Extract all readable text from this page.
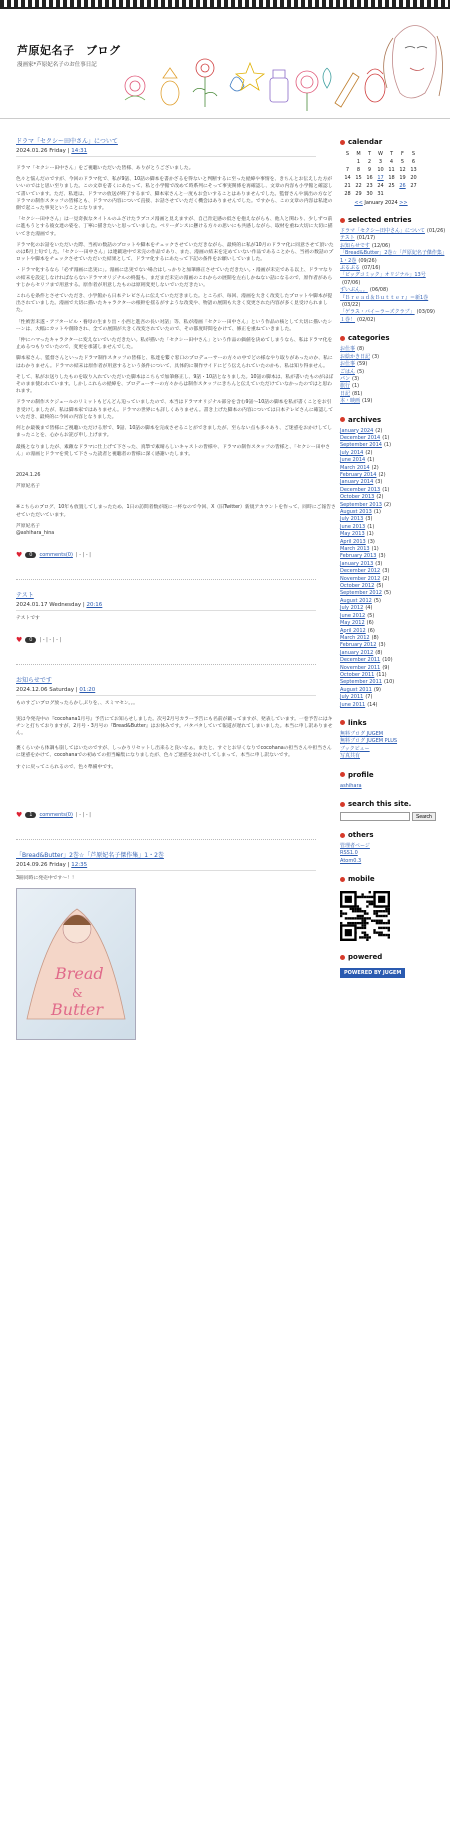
芦原妃名子　ブログ
漫画家*芦原妃名子のお仕事日記
ドラマ「セクシー田中さん」について
2024.01.26 Friday | 14:31

ドラマ「セクシー田中さん」をご視聴いただいた皆様、ありがとうございました。

色々と悩んだのですが、今回のドラマ化で、私が9話、10話の脚本を書かざるを得ないと判断するに至った経緯や事情を、きちんとお伝えした方がいいのではと思い至りました。この文章を書くにあたって、私と小学館で改めて時系列にそって事実関係を再確認し、文章の内容も小学館と確認して書いています。ただ、私達は、ドラマの放送が終了するまで、脚本家さんと一度もお会いすることはありませんでした。監督さんや演出の方などドラマの制作スタッフの皆様とも、ドラマの内容について直接、お話させていただく機会はありませんでした。ですから、この文章の内容は私達の側で起こった事実ということになります。

「セクシー田中さん」は一見奇抜なタイトルのふざけたラブコメ漫画と見えますが、自己肯定感の低さを抱えながらも、他人と関わり、少しずつ前に進もうとする彼女達の姿を、丁寧に描きたいと思っていました。ベリーダンスに懸ける方々の思いにも共感しながら、取材を重ね大切に大切に描いてきた漫画です。

ドラマ化のお話をいただいた際、当初の数話のプロットや脚本をチェックさせていただきながら、最終的に私が10月のドラマ化に同意させて頂いたのは6月上旬でした。「セクシー田中さん」は連載途中で未完の作品であり、また、漫画の結末を定めていない作品であることから、当初の数話のプロットや脚本をチェックさせていただいた結果として、ドラマ化するにあたって下記の条件をお願いしていました。

・ドラマ化するなら「必ず漫画に忠実に」。漫画に忠実でない場合はしっかりと加筆修正させていただきたい。・漫画が未完である以上、ドラマなりの結末を設定しなければならないドラマオリジナルの終盤も、まだまだ未完の漫画のこれからの展開を左右しかねない話になるので、原作者があらすじからセリフまで用意する。原作者が用意したものは原則変更しないでいただきたい。

これらを条件とさせていただき、小学館から日本テレビさんに伝えていただきました。ところが、毎回、漫画を大きく改変したプロットや脚本が提出されていました。漫画で大切に描いたキャラクターの根幹を揺るがすような改変や、物語の展開も大きく変更された内容が多く見受けられました。

「性被害未遂・アフターピル・養母の生まり出・小西と進吾の長い対話」等、私が漫画「セクシー田中さん」という作品の核として大切に描いたシーンは、大幅にカットや削除され、全ての展開が大きく改変されていたので、その都度時間をかけて、修正を重ねていきました。

「仲にハマったキャラクターに変えないでいただきたい。私が描いた「セクシー田中さん」という作品の価値を決めてしまうなら、私はドラマ化を止めるつもりでいたので、変更を承諾しませんでした。

脚本家さん、監督さんといったドラマ制作スタッフの皆様と、私達を繋ぐ窓口のプロデューサーの方々の中でどの様なやり取りがあったのか、私にはわかりません。ドラマの結末は原作者が用意するという条件について、具体的に制作サイドにどう伝えられていたのかも、私は知り得ません。

そして、私がお送りしたものを取り入れていただいた脚本はこちらで加筆修正し、9話・10話となりました。10話の脚本は、私が書いたものがほぼそのまま使われています。しかしこれらの経緯を、プロデューサーの方々からは制作スタッフにきちんと伝えていただけていなかったのではと思われます。

ドラマの制作スケジュールのリミットもどんどん迫っていましたので、本当はドラマオリジナル部分を含む9話〜10話の脚本を私が書くことをお引き受けしましたが、私は脚本家ではありません。ドラマの世界にも詳しくありません。書き上げた脚本の内容については日本テレビさんに確認していただき、最終的に今回の内容となりました。

何とか最後まで皆様にご視聴いただける形で、9話、10話の脚本を完成させることができましたが、至らない点も多々あり、ご迷惑をおかけしてしまったことを、心からお詫び申し上げます。

最後となりましたが、素敵なドラマに仕上げて下さった、真摯で素晴らしいキャストの皆様や、ドラマの制作スタッフの皆様と、「セクシー田中さん」の漫画とドラマを愛して下さった読者と視聴者の皆様に深く感謝いたします。

2024.1.26

芦原妃名子

※こちらのブログ、10年も放置してしまったため、1日の訪問者数が既に一杯なので今回、X（旧Twitter）新規アカウントを作って、同時にご報告させていただいています。

芦原妃名子
@ashihara_hina

♥	0	comments(0) | - | - |
テスト
2024.01.17 Wednesday | 20:16

テストです

♥	0	| - | - | - |
お知らせです
2024.12.06 Saturday | 01:20

ものすごいブログ放ったらかしぶりを、、スミマセン。。。

実は今発売中の『cocohana1月号』予告にてお知らせしました。次号2月号カラー予告にも名前が載ってますが、発表しています。一巻予告にはキチンと打ちておりますが、2月号・3月号の『Bread&Butter』はお休みです。バタバタしていて報道が遅れてしまいました。本当に申し訳ありません。

裏くらいから体調も崩してはいたのですが、しっかりリセットし出来ると良いなぁ。またと、すぐとお早くなりでcocohanaの担当さんや担当さんに迷惑をかけて、cocohanaでの初めての担当編集になりましたが、色々ご迷惑をおかけしてしまって、本当に申し訳ないです。

すぐに戻ってこられるので、色々準備中です。

♥	1	comments(0) | - | - |
「Bread&Butter」2巻☆「芦原妃名子傑作集」1・2巻
2014.09.26 Friday | 12:35

3冊同時に発売中です〜！！

Bread
&
Butter
calendar
S	M	T	W	T	F	S
	1	2	3	4	5	6
7	8	9	10	11	12	13
14	15	16	17	18	19	20
21	22	23	24	25	26	27
28	29	30	31			
<< January 2024 >>
selected entries
ドラマ「セクシー田中さん」について (01/26)
テスト (01/17)
お知らせです (12/06)
「Bread&Butter」2巻☆「芦原妃名子傑作集」1・2巻 (09/26)
ぶるぶる (07/16)
「ビッグコミック」オリジナル」13号(07/06)
ずいぶん。。 (06/08)
『Ｂｒｅａｄ＆Ｂｕｔｔｅｒ』＝新1巻(03/22)
「ゲラス・バイーラーズクラブ」 (03/09)
１巻！ (02/02)
categories
お仕事 (8)
お絵かき日記 (3)
お仕事 (59)
ごはん (5)
パン (3)
旅行 (1)
日記 (81)
本・映画 (19)
archives
January 2024 (2)
December 2014 (1)
September 2014 (1)
July 2014 (2)
June 2014 (1)
March 2014 (2)
February 2014 (2)
January 2014 (3)
December 2013 (1)
October 2013 (2)
September 2013 (2)
August 2013 (1)
July 2013 (3)
June 2013 (1)
May 2013 (1)
April 2013 (3)
March 2013 (1)
February 2013 (3)
January 2013 (3)
December 2012 (3)
November 2012 (2)
October 2012 (5)
September 2012 (5)
August 2012 (5)
July 2012 (4)
June 2012 (5)
May 2012 (6)
April 2012 (6)
March 2012 (8)
February 2012 (3)
January 2012 (8)
December 2011 (10)
November 2011 (9)
October 2011 (11)
September 2011 (10)
August 2011 (9)
July 2011 (7)
June 2011 (14)
links
無料ブログ JUGEM
無料ブログ JUGEM PLUS
ブックビュー
写真共有
profile
ashihara
search this site.
Search
others
管理者ページ
RSS1.0
Atom0.3
mobile
powered
POWERED BY JUGEM
